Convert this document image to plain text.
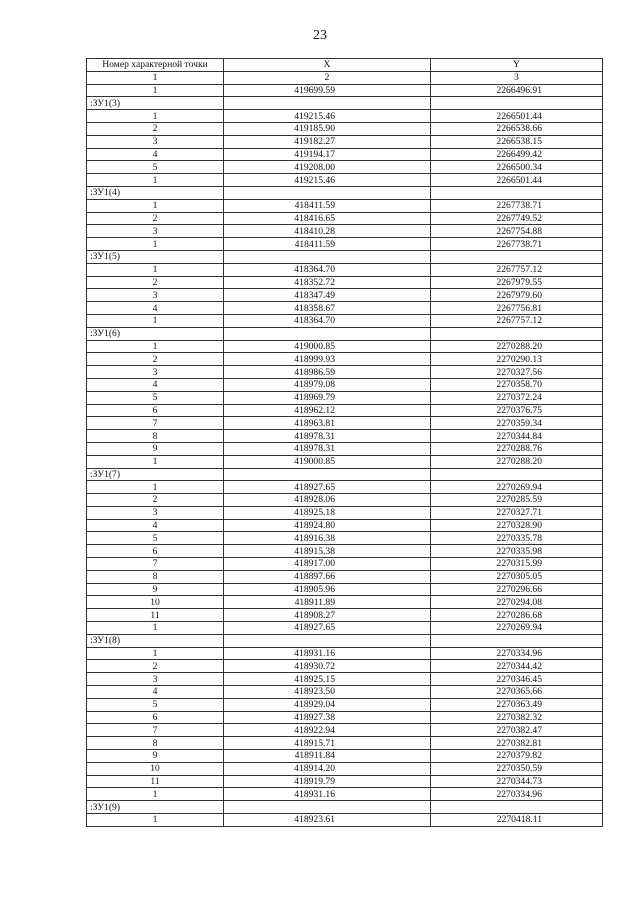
23
Номер характерной точки	X	Y
1	2	3
1	419699.59	2266496.91
:ЗУ1(3)		
1	419215.46	2266501.44
2	419185.90	2266538.66
3	419182.27	2266538.15
4	419194.17	2266499.42
5	419208.00	2266500.34
1	419215.46	2266501.44
:ЗУ1(4)		
1	418411.59	2267738.71
2	418416.65	2267749.52
3	418410.28	2267754.88
1	418411.59	2267738.71
:ЗУ1(5)		
1	418364.70	2267757.12
2	418352.72	2267979.55
3	418347.49	2267979.60
4	418358.67	2267756.81
1	418364.70	2267757.12
:ЗУ1(6)		
1	419000.85	2270288.20
2	418999.93	2270290.13
3	418986.59	2270327.56
4	418979.08	2270358.70
5	418969.79	2270372.24
6	418962.12	2270376.75
7	418963.81	2270359.34
8	418978.31	2270344.84
9	418978.31	2270288.76
1	419000.85	2270288.20
:ЗУ1(7)		
1	418927.65	2270269.94
2	418928.06	2270285.59
3	418925.18	2270327.71
4	418924.80	2270328.90
5	418916.38	2270335.78
6	418915.38	2270335.98
7	418917.00	2270315.99
8	418897.66	2270305.05
9	418905.96	2270296.66
10	418911.89	2270294.08
11	418908.27	2270286.68
1	418927.65	2270269.94
:ЗУ1(8)		
1	418931.16	2270334.96
2	418930.72	2270344.42
3	418925.15	2270346.45
4	418923.50	2270365.66
5	418929.04	2270363.49
6	418927.38	2270382.32
7	418922.94	2270382.47
8	418915.71	2270382.81
9	418911.84	2270379.82
10	418914.20	2270350.59
11	418919.79	2270344.73
1	418931.16	2270334.96
:ЗУ1(9)		
1	418923.61	2270418.11
